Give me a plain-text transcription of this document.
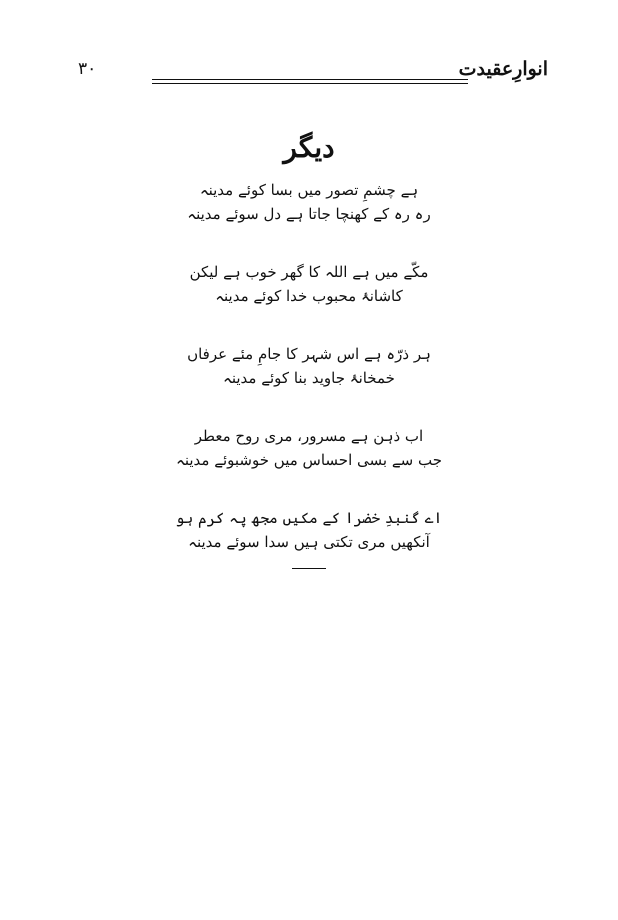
۳۰	انوارِعقیدت
دیگر
ہے چشمِ تصور میں بسا کوئے مدینہ
رہ رہ کے کھنچا جاتا ہے دل سوئے مدینہ
مکّے میں ہے اللہ کا گھر خوب ہے لیکن
کاشانۂ محبوب خدا کوئے مدینہ
ہر ذرّہ ہے اس شہر کا جامِ مئے عرفاں
خمخانۂ جاوید بنا کوئے مدینہ
اب ذہن ہے مسرور، مری روح معطر
جب سے بسی احساس میں خوشبوئے مدینہ
اے گنبدِ خضرا کے مکیں مجھ پہ کرم ہو
آنکھیں مری تکتی ہیں سدا سوئے مدینہ
